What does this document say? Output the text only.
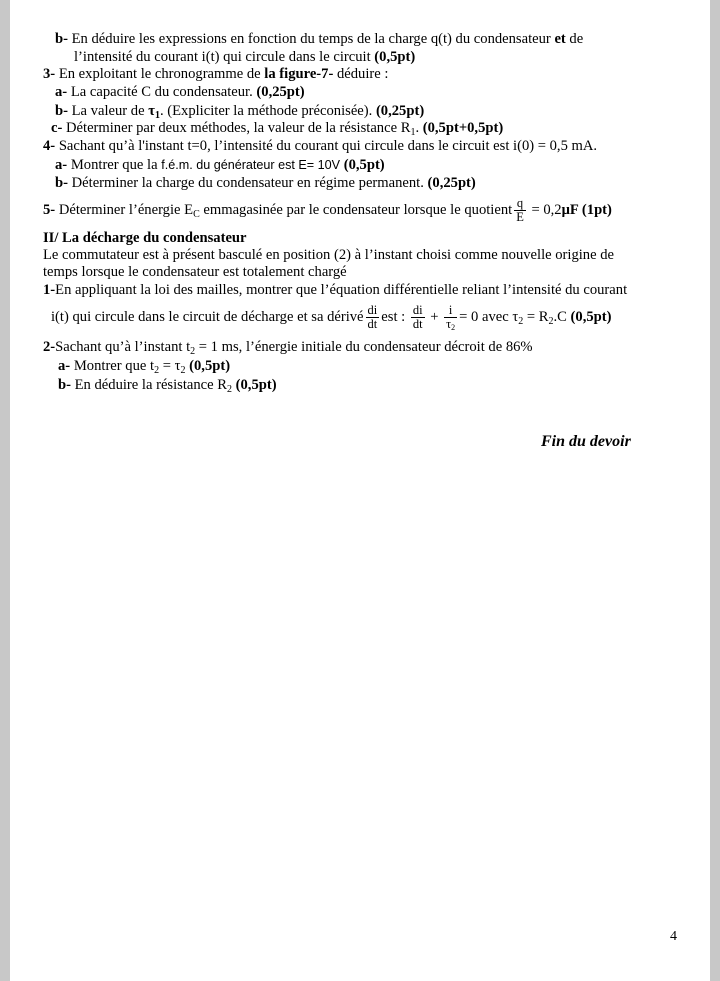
b- En déduire les expressions en fonction du temps de la charge q(t) du condensateur et de
l’intensité du courant i(t) qui circule dans le circuit (0,5pt)
3- En exploitant le chronogramme de la figure-7- déduire :
a- La capacité C du condensateur. (0,25pt)
b- La valeur de $\tau_1$. (Expliciter la méthode préconisée). (0,25pt)
c- Déterminer par deux méthodes, la valeur de la résistance $R_1$. (0,5pt+0,5pt)
4- Sachant qu’à l'instant t=0, l’intensité du courant qui circule dans le circuit est i(0) = 0,5 mA.
a- Montrer que la f.é.m. du générateur est E= 10V (0,5pt)
b- Déterminer la charge du condensateur en régime permanent. (0,25pt)
5- Déterminer l’énergie $E_C$ emmagasinée par le condensateur lorsque le quotient $\frac{q}{E} = 0,2\mu F$ (1pt)
II/ La décharge du condensateur
Le commutateur est à présent basculé en position (2) à l’instant choisi comme nouvelle origine de
temps lorsque le condensateur est totalement chargé
1-En appliquant la loi des mailles, montrer que l’équation différentielle reliant l’intensité du courant
i(t) qui circule dans le circuit de décharge et sa dérivé $\frac{di}{dt}$ est : $\frac{di}{dt} + \frac{i}{\tau_2} = 0$ avec $\tau_2 = R_2.C$ (0,5pt)
2-Sachant qu’à l’instant $t_2 = 1$ ms, l’énergie initiale du condensateur décroit de 86%
a- Montrer que $t_2 = \tau_2$ (0,5pt)
b- En déduire la résistance $R_2$ (0,5pt)
Fin du devoir
4
